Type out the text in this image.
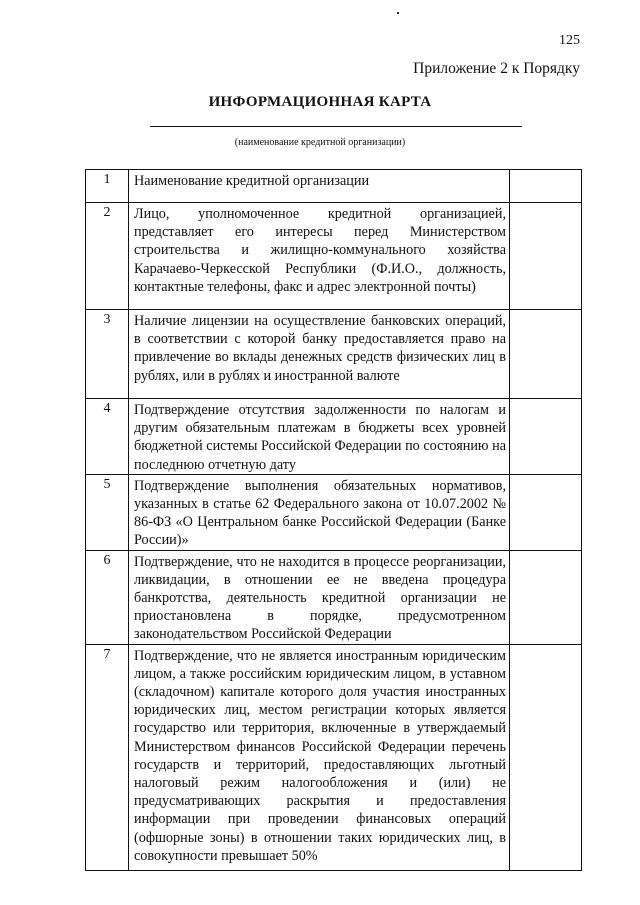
125
Приложение 2 к Порядку
ИНФОРМАЦИОННАЯ КАРТА
(наименование кредитной организации)
1	Наименование кредитной организации	
2	Лицо, уполномоченное кредитной организацией, представляет его интересы перед Министерством строительства и жилищно-коммунального хозяйства Карачаево-Черкесской Республики (Ф.И.О., должность, контактные телефоны, факс и адрес электронной почты)	
3	Наличие лицензии на осуществление банковских операций, в соответствии с которой банку предоставляется право на привлечение во вклады денежных средств физических лиц в рублях, или в рублях и иностранной валюте	
4	Подтверждение отсутствия задолженности по налогам и другим обязательным платежам в бюджеты всех уровней бюджетной системы Российской Федерации по состоянию на последнюю отчетную дату	
5	Подтверждение выполнения обязательных нормативов, указанных в статье 62 Федерального закона от 10.07.2002 № 86-ФЗ «О Центральном банке Российской Федерации (Банке России)»	
6	Подтверждение, что не находится в процессе реорганизации, ликвидации, в отношении ее не введена процедура банкротства, деятельность кредитной организации не приостановлена в порядке, предусмотренном законодательством Российской Федерации	
7	Подтверждение, что не является иностранным юридическим лицом, а также российским юридическим лицом, в уставном (складочном) капитале которого доля участия иностранных юридических лиц, местом регистрации которых является государство или территория, включенные в утверждаемый Министерством финансов Российской Федерации перечень государств и территорий, предоставляющих льготный налоговый режим налогообложения и (или) не предусматривающих раскрытия и предоставления информации при проведении финансовых операций (офшорные зоны) в отношении таких юридических лиц, в совокупности превышает 50%	
